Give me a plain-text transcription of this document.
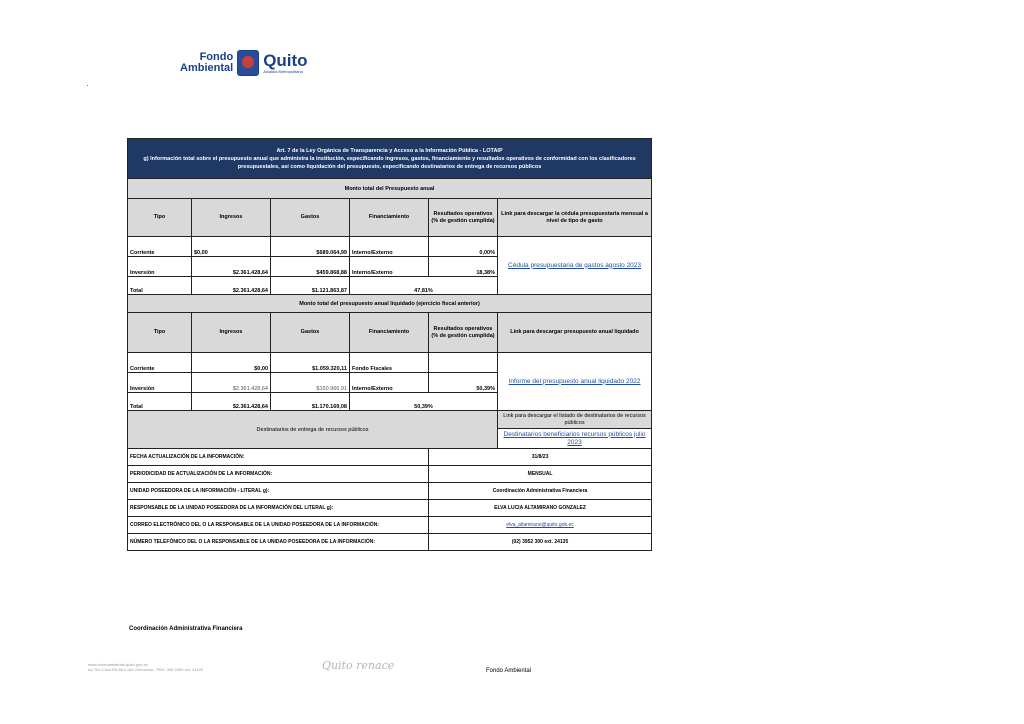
Fondo
Ambiental Quito
Alcaldía Metropolitana
Art. 7 de la Ley Orgánica de Transparencia y Acceso a la Información Pública - LOTAIP
g) Información total sobre el presupuesto anual que administra la institución, especificando ingresos, gastos, financiamiento y resultados operativos de conformidad con los clasificadores presupuestales, así como liquidación del presupuesto, especificando destinatarios de entrega de recursos públicos					

Monto total del Presupuesto anual					
Tipo	Ingresos	Gastos	Financiamiento	Resultados operativos (% de gestión cumplida)	Link para descargar la cédula presupuestaria mensual a nivel de tipo de gasto
Corriente	$0,00	$689.064,99	Interno/Externo	0,00%	Cédula presupuestaria de gastos agosto 2023
Inversión	$2.361.428,64	$459.868,88	Interno/Externo	18,38%	
Total	$2.361.428,64	$1.121.863,87	47,81%		
Monto total del presupuesto anual liquidado (ejercicio fiscal anterior)					
Tipo	Ingresos	Gastos	Financiamiento	Resultados operativos (% de gestión cumplida)	Link para descargar presupuesto anual liquidado
Corriente	$0,00	$1.059.320,11	Fondo Fiscales		Informe del presupuesto anual liquidado 2022
Inversión	$2.361.428,64	$150.966,91	Interno/Externo	50,39%	
Total	$2.361.428,64	$1.170.169,08	50,39%		
Destinatarios de entrega de recursos públicos					Link para descargar el listado de destinatarios de recursos públicos
					Destinatarios beneficiarios recursos públicos julio 2023
FECHA ACTUALIZACIÓN DE LA INFORMACIÓN:				31/8/23	
PERIODICIDAD DE ACTUALIZACIÓN DE LA INFORMACIÓN:				MENSUAL	
UNIDAD POSEEDORA DE LA INFORMACIÓN - LITERAL g):				Coordinación Administrativa Financiera	
RESPONSABLE DE LA UNIDAD POSEEDORA DE LA INFORMACIÓN DEL LITERAL g):				ELVA LUCIA ALTAMIRANO GONZALEZ	
CORREO ELECTRÓNICO DEL O LA RESPONSABLE DE LA UNIDAD POSEEDORA DE LA INFORMACIÓN:				elva_altamirano@quito.gob.ec	
NÚMERO TELEFÓNICO DEL O LA RESPONSABLE DE LA UNIDAD POSEEDORA DE LA INFORMACIÓN:				(02) 3952 300 ext. 24135	
Coordinación Administrativa Financiera
www.fondoambiental.quito.gob.ec
Av. Río Coca E6-85 e Isla Genovesa - PBX: 395 2300 ext. 24100	Quito renace	Fondo Ambiental
